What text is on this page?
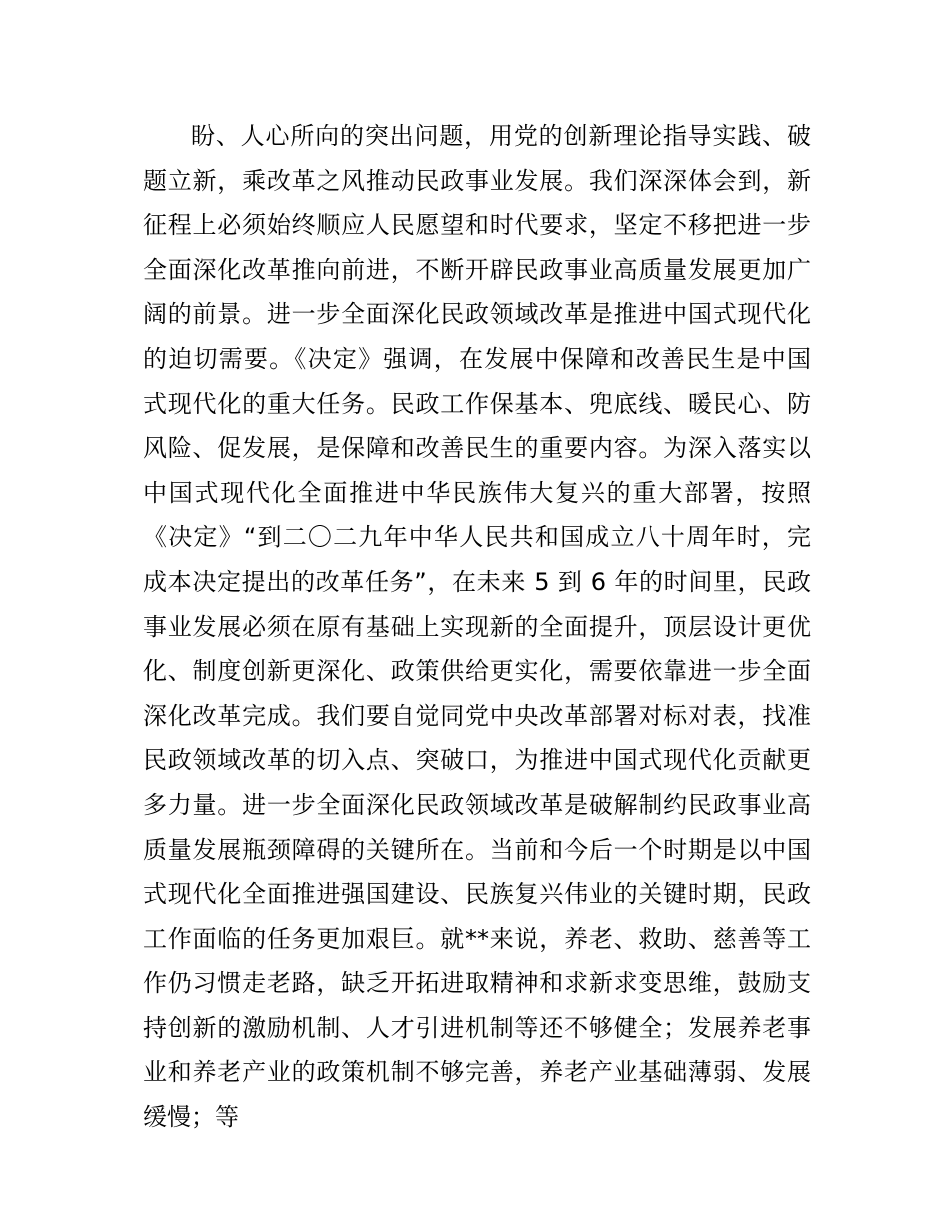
盼、人心所向的突出问题，用党的创新理论指导实践、破
题立新，乘改革之风推动民政事业发展。我们深深体会到，新
征程上必须始终顺应人民愿望和时代要求，坚定不移把进一步
全面深化改革推向前进，不断开辟民政事业高质量发展更加广
阔的前景。进一步全面深化民政领域改革是推进中国式现代化
的迫切需要。《决定》强调，在发展中保障和改善民生是中国
式现代化的重大任务。民政工作保基本、兜底线、暖民心、防
风险、促发展，是保障和改善民生的重要内容。为深入落实以
中国式现代化全面推进中华民族伟大复兴的重大部署，按照
《决定》“到二〇二九年中华人民共和国成立八十周年时，完
成本决定提出的改革任务”，在未来 5 到 6 年的时间里，民政
事业发展必须在原有基础上实现新的全面提升，顶层设计更优
化、制度创新更深化、政策供给更实化，需要依靠进一步全面
深化改革完成。我们要自觉同党中央改革部署对标对表，找准
民政领域改革的切入点、突破口，为推进中国式现代化贡献更
多力量。进一步全面深化民政领域改革是破解制约民政事业高
质量发展瓶颈障碍的关键所在。当前和今后一个时期是以中国
式现代化全面推进强国建设、民族复兴伟业的关键时期，民政
工作面临的任务更加艰巨。就**来说，养老、救助、慈善等工
作仍习惯走老路，缺乏开拓进取精神和求新求变思维，鼓励支
持创新的激励机制、人才引进机制等还不够健全；发展养老事
业和养老产业的政策机制不够完善，养老产业基础薄弱、发展
缓慢；等
